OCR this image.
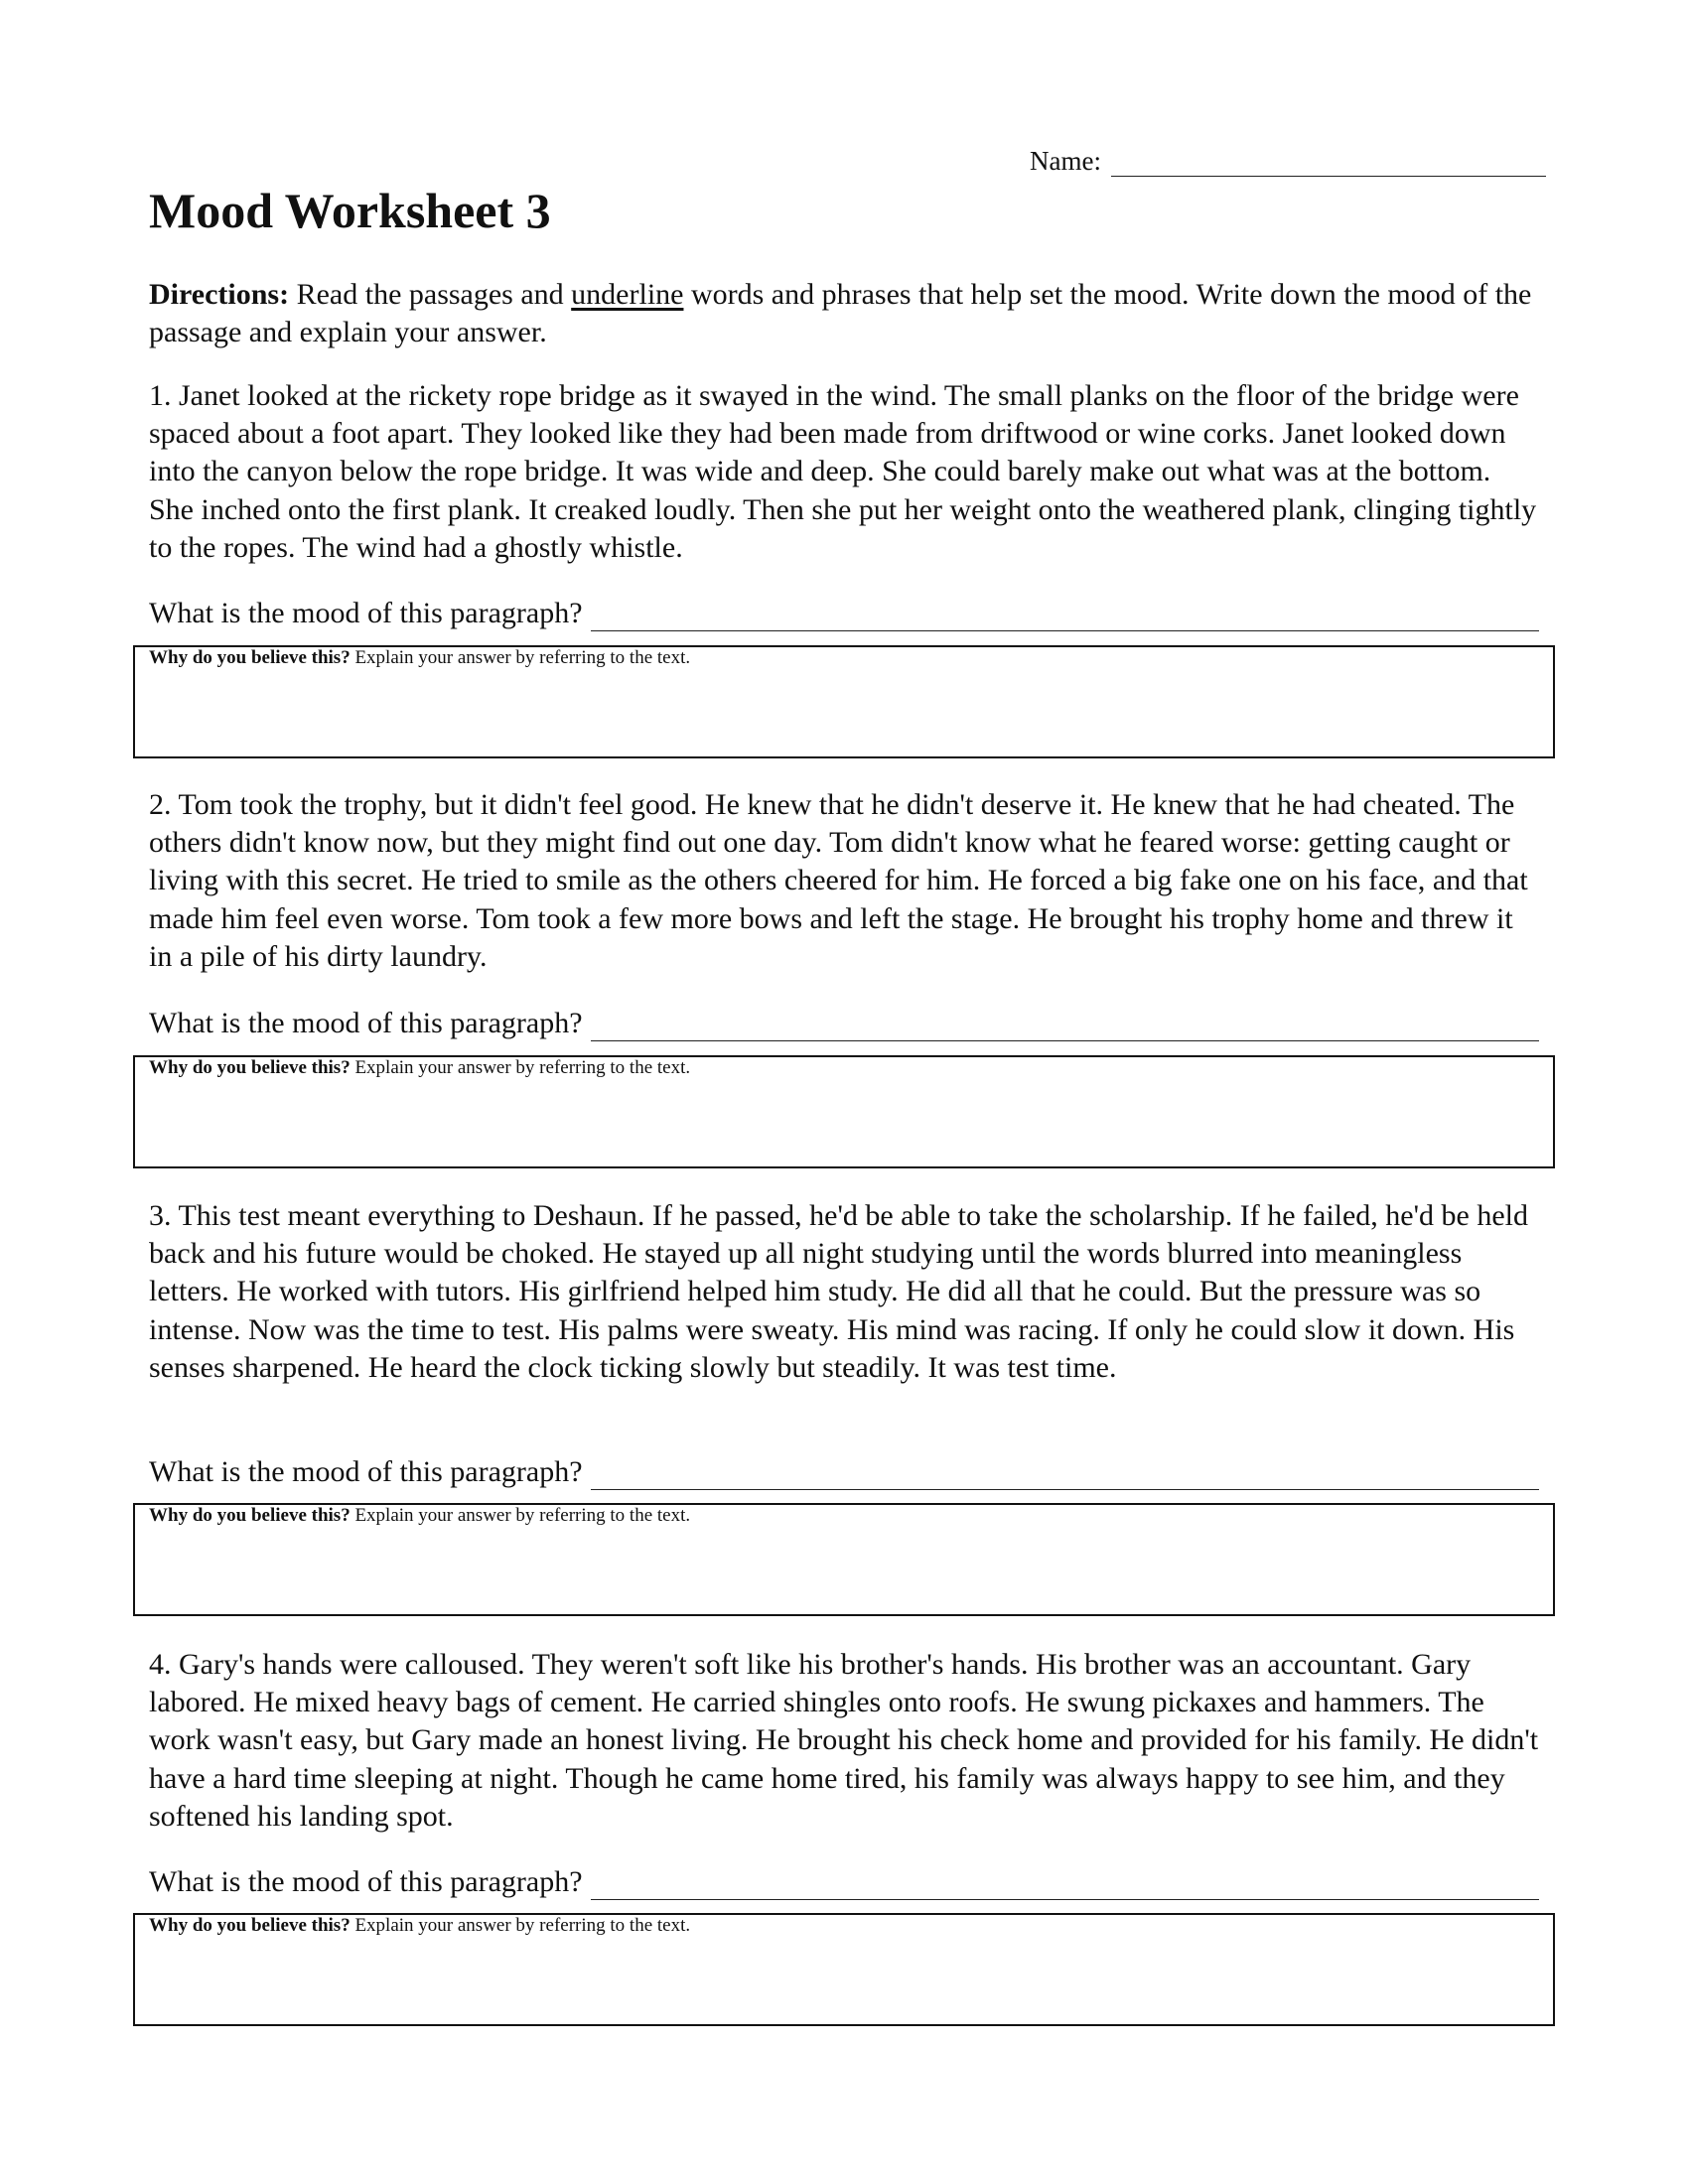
Name:
Mood Worksheet 3

Directions: Read the passages and underline words and phrases that help set the mood. Write down the mood of the passage and explain your answer.

1. Janet looked at the rickety rope bridge as it swayed in the wind. The small planks on the floor of the bridge were spaced about a foot apart. They looked like they had been made from driftwood or wine corks. Janet looked down into the canyon below the rope bridge. It was wide and deep. She could barely make out what was at the bottom. She inched onto the first plank. It creaked loudly. Then she put her weight onto the weathered plank, clinging tightly to the ropes. The wind had a ghostly whistle.

What is the mood of this paragraph?
Why do you believe this? Explain your answer by referring to the text.

2. Tom took the trophy, but it didn't feel good. He knew that he didn't deserve it. He knew that he had cheated. The others didn't know now, but they might find out one day. Tom didn't know what he feared worse: getting caught or living with this secret. He tried to smile as the others cheered for him. He forced a big fake one on his face, and that made him feel even worse. Tom took a few more bows and left the stage. He brought his trophy home and threw it in a pile of his dirty laundry.

What is the mood of this paragraph?
Why do you believe this? Explain your answer by referring to the text.

3. This test meant everything to Deshaun. If he passed, he'd be able to take the scholarship. If he failed, he'd be held back and his future would be choked. He stayed up all night studying until the words blurred into meaningless letters. He worked with tutors. His girlfriend helped him study. He did all that he could. But the pressure was so intense. Now was the time to test. His palms were sweaty. His mind was racing. If only he could slow it down. His senses sharpened. He heard the clock ticking slowly but steadily. It was test time.

What is the mood of this paragraph?
Why do you believe this? Explain your answer by referring to the text.

4. Gary's hands were calloused. They weren't soft like his brother's hands. His brother was an accountant. Gary labored. He mixed heavy bags of cement. He carried shingles onto roofs. He swung pickaxes and hammers. The work wasn't easy, but Gary made an honest living. He brought his check home and provided for his family. He didn't have a hard time sleeping at night. Though he came home tired, his family was always happy to see him, and they softened his landing spot.

What is the mood of this paragraph?
Why do you believe this? Explain your answer by referring to the text.
